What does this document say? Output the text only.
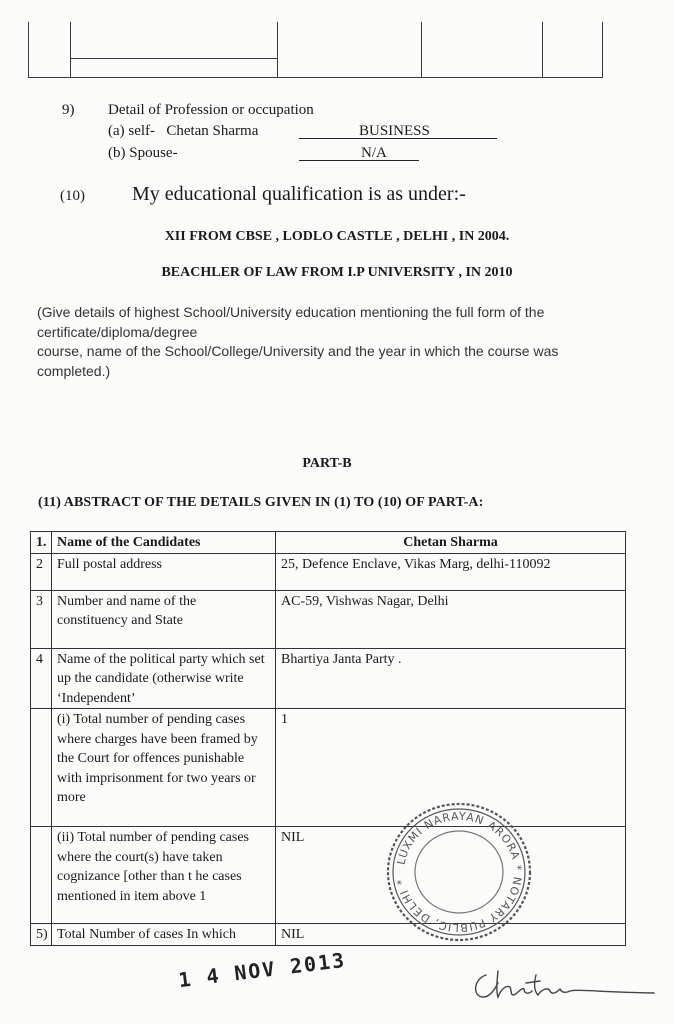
9) Detail of Profession or occupation
(a) self- Chetan Sharma	BUSINESS
(b) Spouse-	N/A
(10) My educational qualification is as under:-
XII FROM CBSE , LODLO CASTLE , DELHI , IN 2004.
BEACHLER OF LAW FROM I.P UNIVERSITY , IN 2010
(Give details of highest School/University education mentioning the full form of the
certificate/diploma/degree
course, name of the School/College/University and the year in which the course was
completed.)
PART-B
(11) ABSTRACT OF THE DETAILS GIVEN IN (1) TO (10) OF PART-A:
1.	Name of the Candidates	Chetan Sharma
2	Full postal address	25, Defence Enclave, Vikas Marg, delhi-110092
3	Number and name of the constituency and State	AC-59, Vishwas Nagar, Delhi
4	Name of the political party which set up the candidate (otherwise write ‘Independent’	Bhartiya Janta Party .
	(i) Total number of pending cases where charges have been framed by the Court for offences punishable with imprisonment for two years or more	1
	(ii) Total number of pending cases where the court(s) have taken cognizance [other than t he cases mentioned in item above 1	NIL
5)	Total Number of cases In which	NIL
LUXMI NARAYAN ARORA * NOTARY PUBLIC, DELHI *
1 4 NOV 2013
